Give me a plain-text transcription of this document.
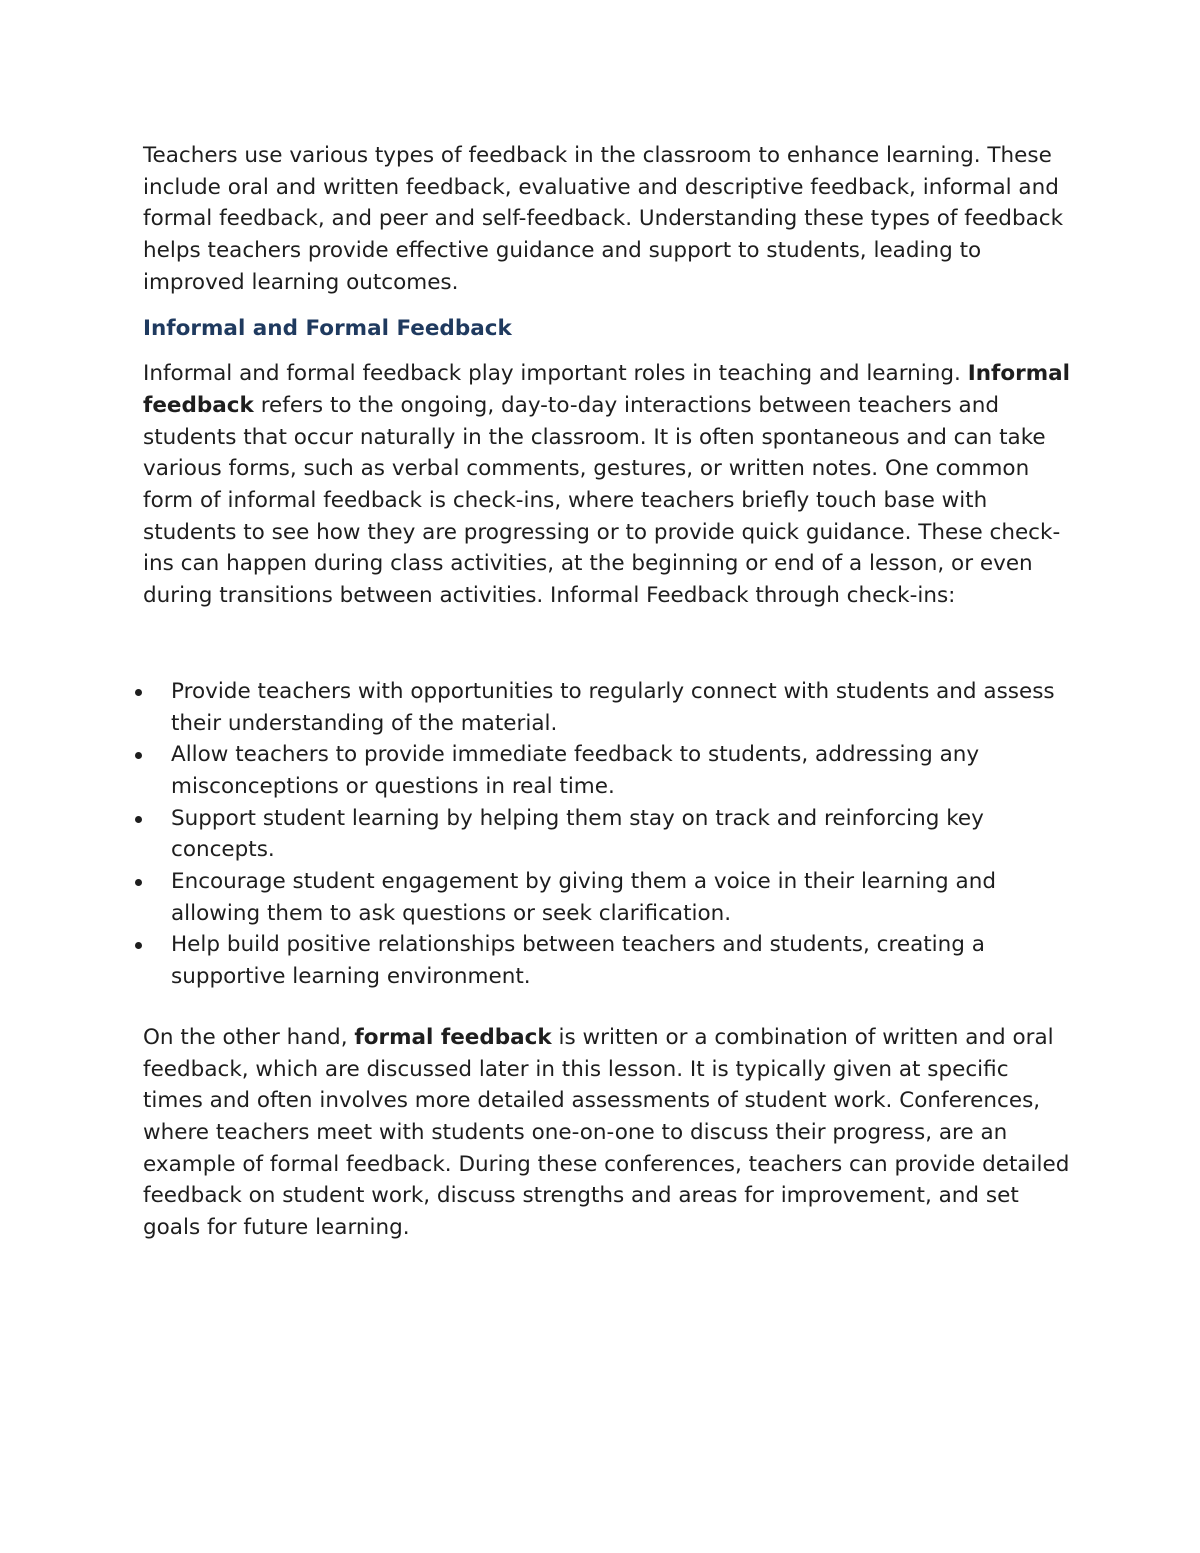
Teachers use various types of feedback in the classroom to enhance learning. These include oral and written feedback, evaluative and descriptive feedback, informal and formal feedback, and peer and self-feedback. Understanding these types of feedback helps teachers provide effective guidance and support to students, leading to improved learning outcomes.

Informal and Formal Feedback

Informal and formal feedback play important roles in teaching and learning. Informal feedback refers to the ongoing, day-to-day interactions between teachers and students that occur naturally in the classroom. It is often spontaneous and can take various forms, such as verbal comments, gestures, or written notes. One common form of informal feedback is check-ins, where teachers briefly touch base with students to see how they are progressing or to provide quick guidance. These check-ins can happen during class activities, at the beginning or end of a lesson, or even during transitions between activities. Informal Feedback through check-ins:

Provide teachers with opportunities to regularly connect with students and assess their understanding of the material.
Allow teachers to provide immediate feedback to students, addressing any misconceptions or questions in real time.
Support student learning by helping them stay on track and reinforcing key concepts.
Encourage student engagement by giving them a voice in their learning and allowing them to ask questions or seek clarification.
Help build positive relationships between teachers and students, creating a supportive learning environment.

On the other hand, formal feedback is written or a combination of written and oral feedback, which are discussed later in this lesson. It is typically given at specific times and often involves more detailed assessments of student work. Conferences, where teachers meet with students one-on-one to discuss their progress, are an example of formal feedback. During these conferences, teachers can provide detailed feedback on student work, discuss strengths and areas for improvement, and set goals for future learning.
